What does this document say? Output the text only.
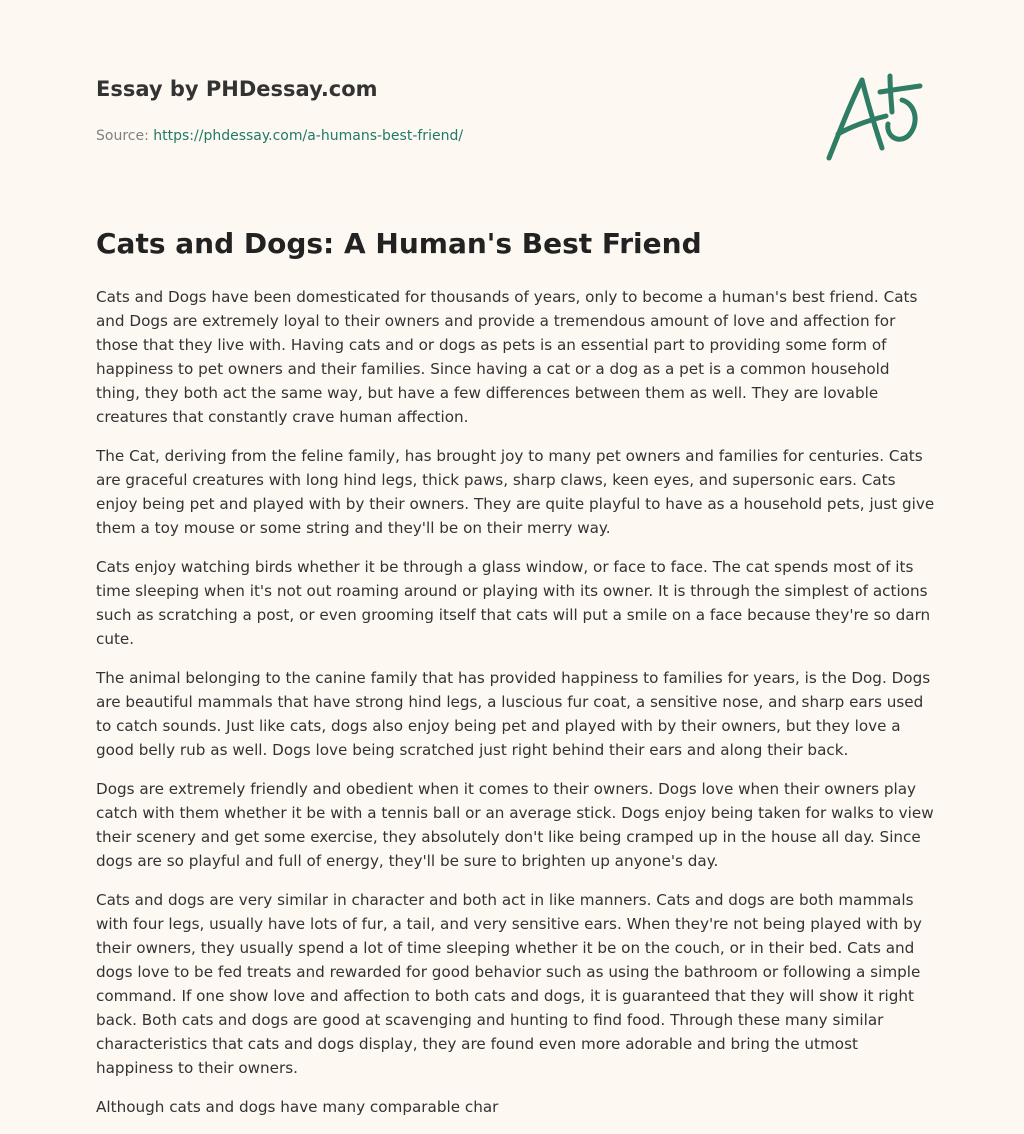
Essay by PHDessay.com
Source: https://phdessay.com/a-humans-best-friend/
Cats and Dogs: A Human's Best Friend

Cats and Dogs have been domesticated for thousands of years, only to become a human's best friend. Cats and Dogs are extremely loyal to their owners and provide a tremendous amount of love and affection for those that they live with. Having cats and or dogs as pets is an essential part to providing some form of happiness to pet owners and their families. Since having a cat or a dog as a pet is a common household thing, they both act the same way, but have a few differences between them as well. They are lovable creatures that constantly crave human affection.

The Cat, deriving from the feline family, has brought joy to many pet owners and families for centuries. Cats are graceful creatures with long hind legs, thick paws, sharp claws, keen eyes, and supersonic ears. Cats enjoy being pet and played with by their owners. They are quite playful to have as a household pets, just give them a toy mouse or some string and they'll be on their merry way.

Cats enjoy watching birds whether it be through a glass window, or face to face. The cat spends most of its time sleeping when it's not out roaming around or playing with its owner. It is through the simplest of actions such as scratching a post, or even grooming itself that cats will put a smile on a face because they're so darn cute.

The animal belonging to the canine family that has provided happiness to families for years, is the Dog. Dogs are beautiful mammals that have strong hind legs, a luscious fur coat, a sensitive nose, and sharp ears used to catch sounds. Just like cats, dogs also enjoy being pet and played with by their owners, but they love a good belly rub as well. Dogs love being scratched just right behind their ears and along their back.

Dogs are extremely friendly and obedient when it comes to their owners. Dogs love when their owners play catch with them whether it be with a tennis ball or an average stick. Dogs enjoy being taken for walks to view their scenery and get some exercise, they absolutely don't like being cramped up in the house all day. Since dogs are so playful and full of energy, they'll be sure to brighten up anyone's day.

Cats and dogs are very similar in character and both act in like manners. Cats and dogs are both mammals with four legs, usually have lots of fur, a tail, and very sensitive ears. When they're not being played with by their owners, they usually spend a lot of time sleeping whether it be on the couch, or in their bed. Cats and dogs love to be fed treats and rewarded for good behavior such as using the bathroom or following a simple command. If one show love and affection to both cats and dogs, it is guaranteed that they will show it right back. Both cats and dogs are good at scavenging and hunting to find food. Through these many similar characteristics that cats and dogs display, they are found even more adorable and bring the utmost happiness to their owners.

Although cats and dogs have many comparable char
